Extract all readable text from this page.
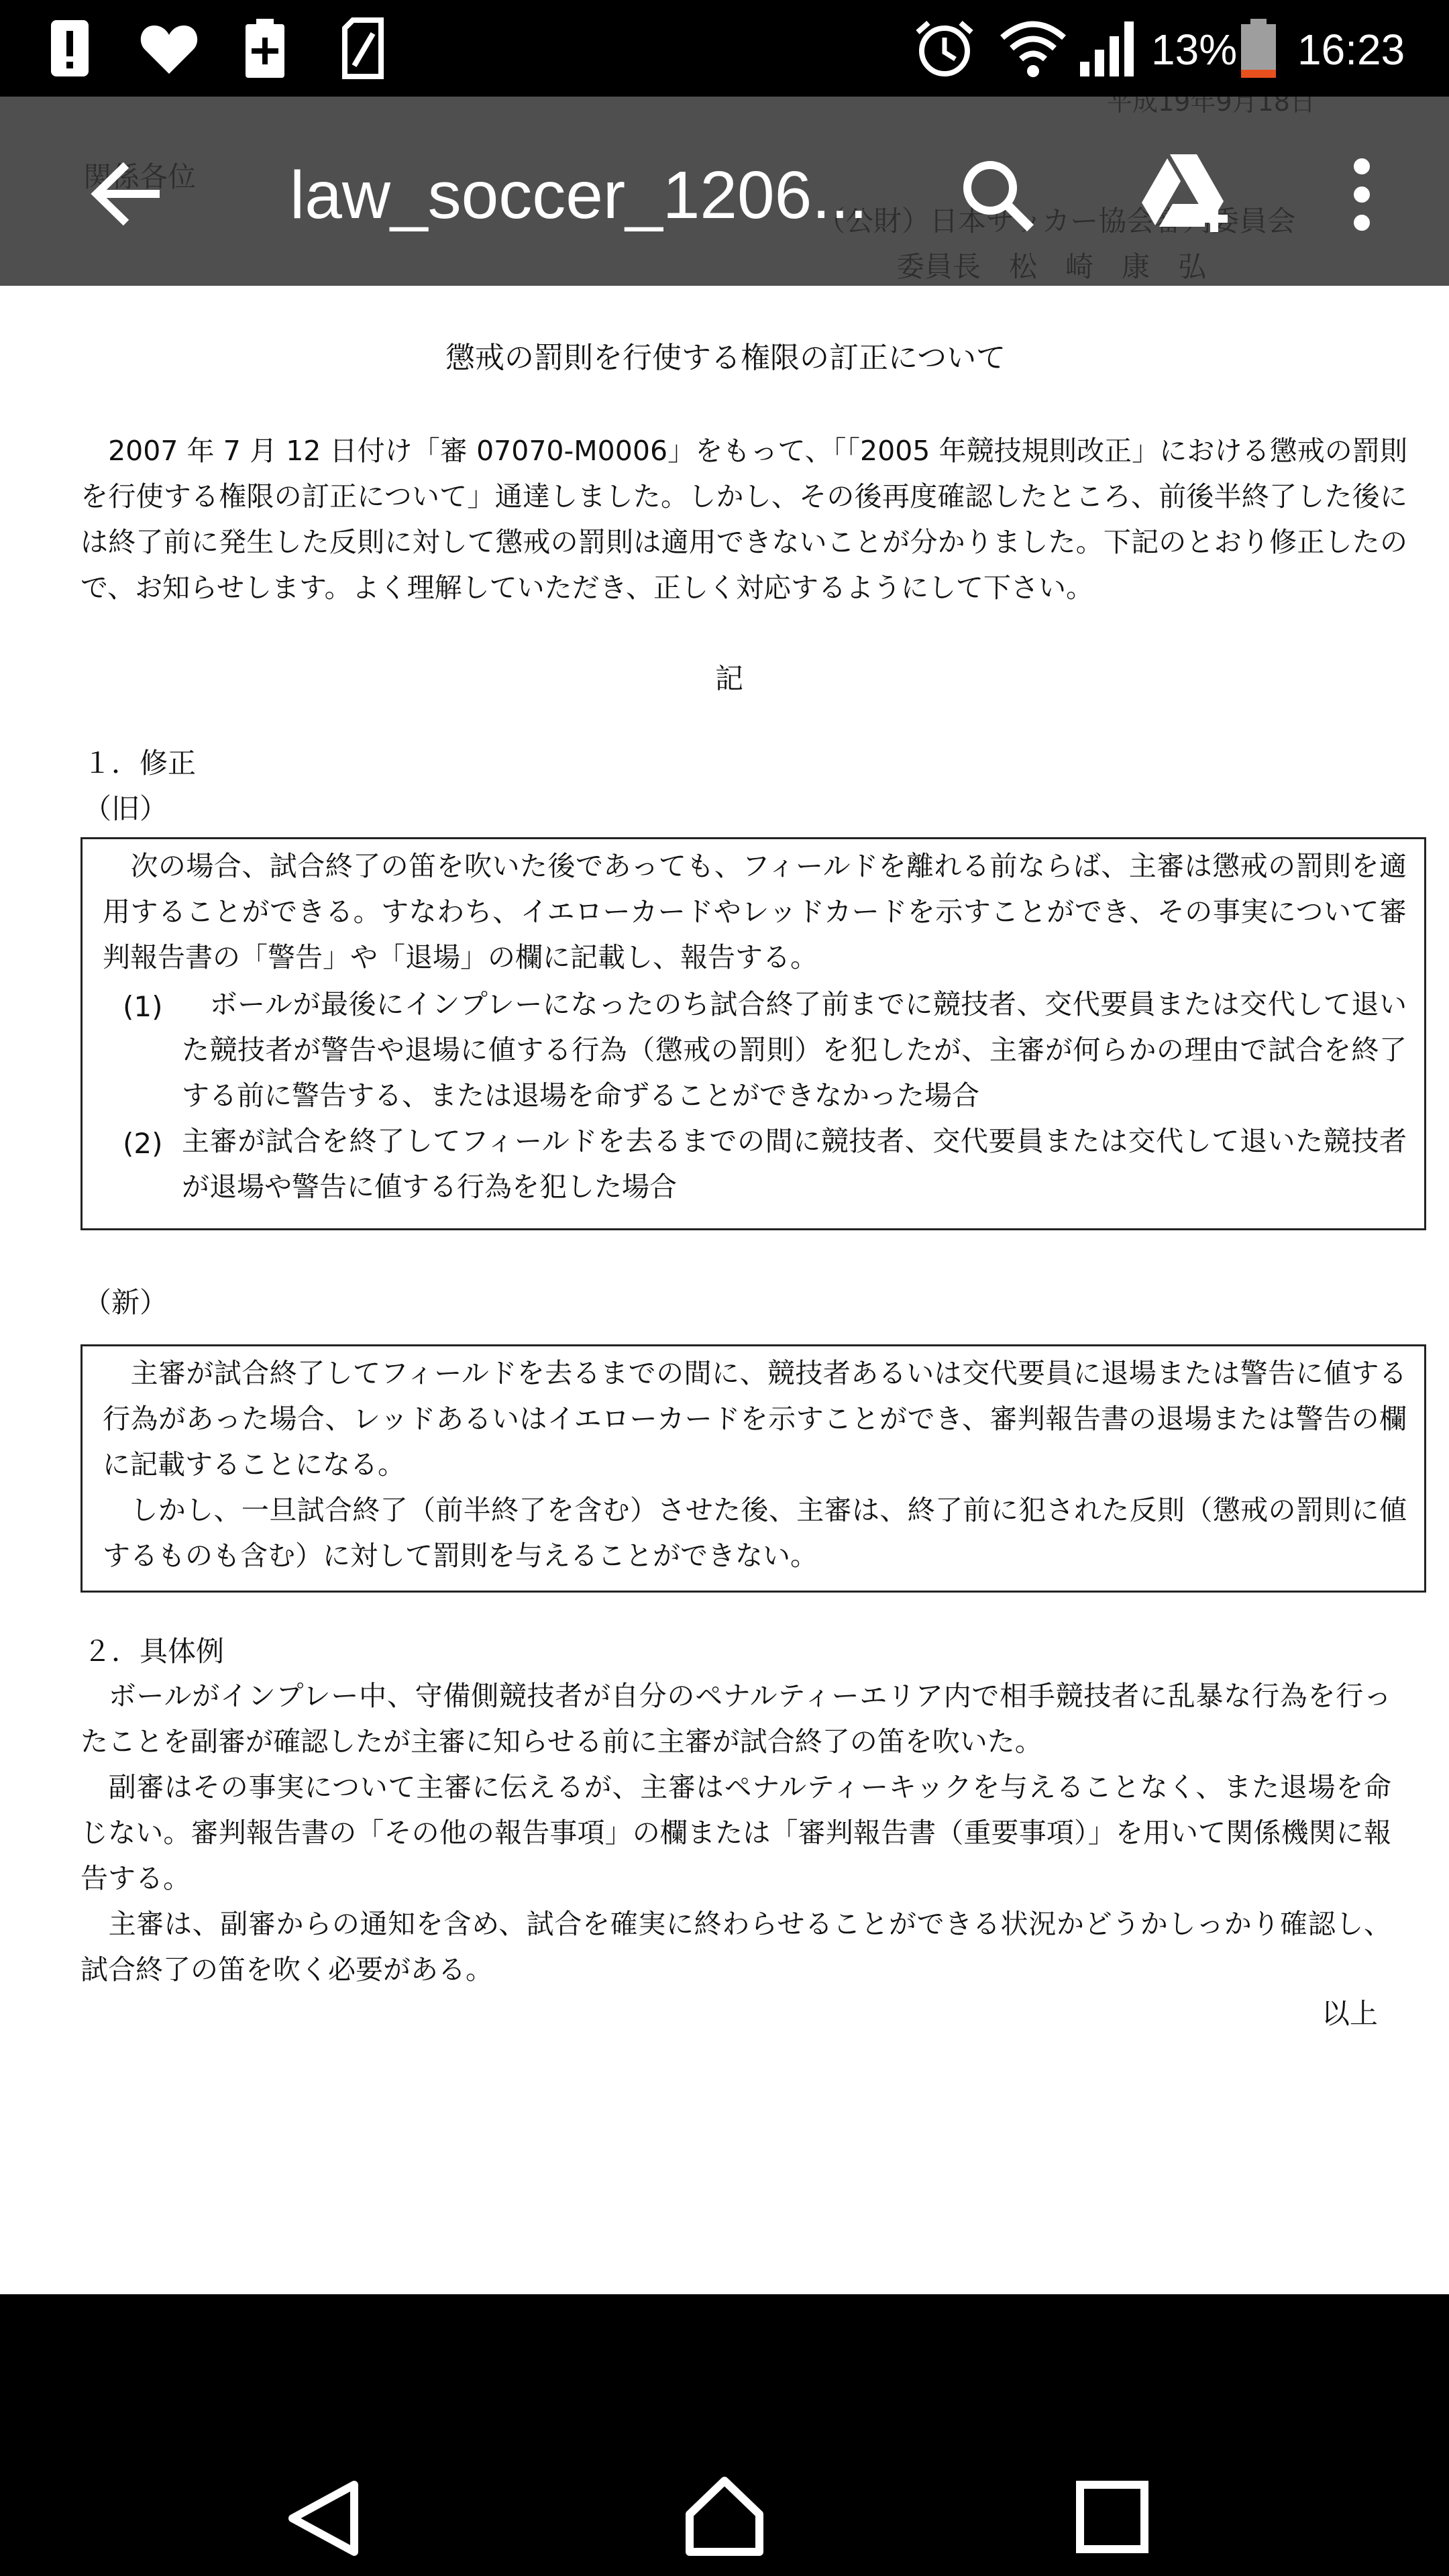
13% 16:23
懲戒の罰則を行使する権限の訂正について
　2007 年 7 月 12 日付け「審 07070-M0006」をもって、「「2005 年競技規則改正」における懲戒の罰則を行使する権限の訂正について」通達しました。しかし、その後再度確認したところ、前後半終了した後には終了前に発生した反則に対して懲戒の罰則は適用できないことが分かりました。下記のとおり修正したので、お知らせします。よく理解していただき、正しく対応するようにして下さい。
記
１．修正
（旧）
　次の場合、試合終了の笛を吹いた後であっても、フィールドを離れる前ならば、主審は懲戒の罰則を適用することができる。すなわち、イエローカードやレッドカードを示すことができ、その事実について審判報告書の「警告」や「退場」の欄に記載し、報告する。
(1) 　ボールが最後にインプレーになったのち試合終了前までに競技者、交代要員または交代して退いた競技者が警告や退場に値する行為（懲戒の罰則）を犯したが、主審が何らかの理由で試合を終了する前に警告する、または退場を命ずることができなかった場合
(2) 主審が試合を終了してフィールドを去るまでの間に競技者、交代要員または交代して退いた競技者が退場や警告に値する行為を犯した場合
（新）
　主審が試合終了してフィールドを去るまでの間に、競技者あるいは交代要員に退場または警告に値する行為があった場合、レッドあるいはイエローカードを示すことができ、審判報告書の退場または警告の欄に記載することになる。
　しかし、一旦試合終了（前半終了を含む）させた後、主審は、終了前に犯された反則（懲戒の罰則に値するものも含む）に対して罰則を与えることができない。
２．具体例
　ボールがインプレー中、守備側競技者が自分のペナルティーエリア内で相手競技者に乱暴な行為を行ったことを副審が確認したが主審に知らせる前に主審が試合終了の笛を吹いた。
　副審はその事実について主審に伝えるが、主審はペナルティーキックを与えることなく、また退場を命じない。審判報告書の「その他の報告事項」の欄または「審判報告書（重要事項）」を用いて関係機関に報告する。
　主審は、副審からの通知を含め、試合を確実に終わらせることができる状況かどうかしっかり確認し、試合終了の笛を吹く必要がある。
以上
law_soccer_1206...
